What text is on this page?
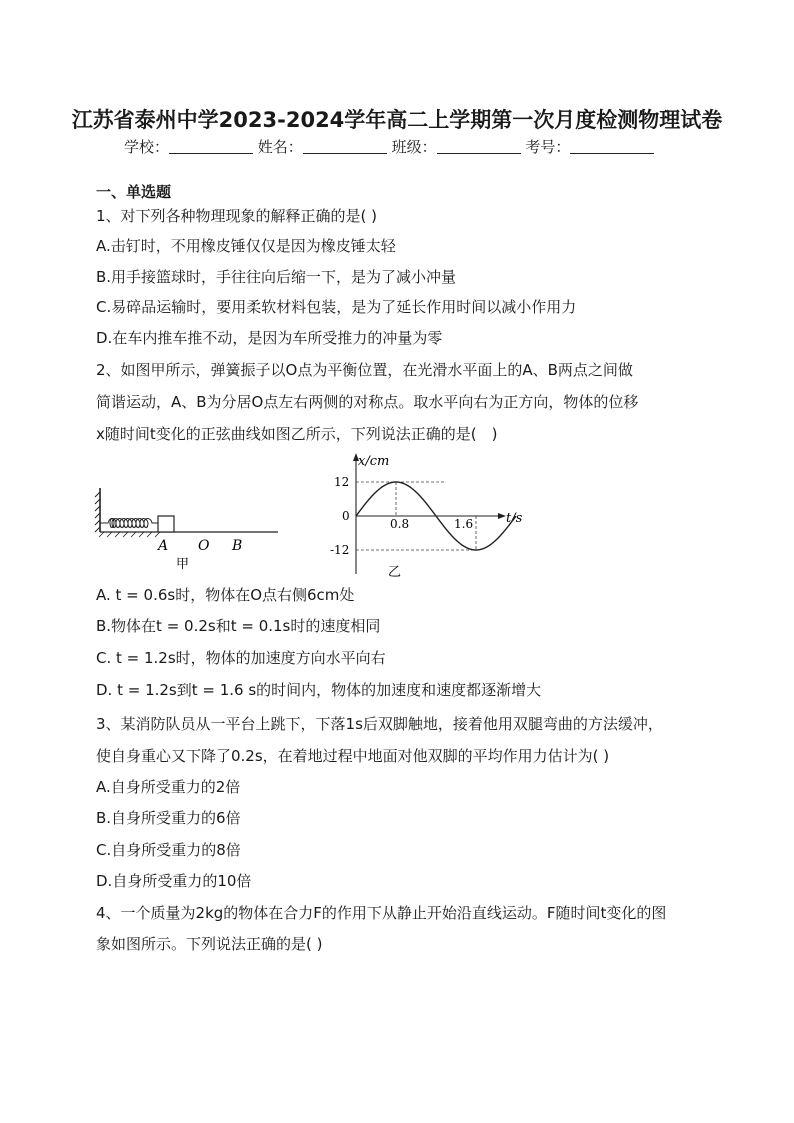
江苏省泰州中学2023-2024学年高二上学期第一次月度检测物理试卷
学校：	姓名：	班级：	考号：
一、单选题
1、对下列各种物理现象的解释正确的是( )
A.击钉时，不用橡皮锤仅仅是因为橡皮锤太轻
B.用手接篮球时，手往往向后缩一下，是为了减小冲量
C.易碎品运输时，要用柔软材料包装，是为了延长作用时间以减小作用力
D.在车内推车推不动，是因为车所受推力的冲量为零
2、如图甲所示，弹簧振子以O点为平衡位置，在光滑水平面上的A、B两点之间做
简谐运动，A、B为分居O点左右两侧的对称点。取水平向右为正方向，物体的位移
x随时间t变化的正弦曲线如图乙所示，下列说法正确的是(　)
A O B
甲
x/cm
t/s
12
0
-12
0.8	1.6
乙
A. t = 0.6s时，物体在O点右侧6cm处
B.物体在t = 0.2s和t = 0.1s时的速度相同
C. t = 1.2s时，物体的加速度方向水平向右
D. t = 1.2s到t = 1.6 s的时间内，物体的加速度和速度都逐渐增大
3、某消防队员从一平台上跳下，下落1s后双脚触地，接着他用双腿弯曲的方法缓冲，
使自身重心又下降了0.2s，在着地过程中地面对他双脚的平均作用力估计为( )
A.自身所受重力的2倍
B.自身所受重力的6倍
C.自身所受重力的8倍
D.自身所受重力的10倍
4、一个质量为2kg的物体在合力F的作用下从静止开始沿直线运动。F随时间t变化的图
象如图所示。下列说法正确的是( )
